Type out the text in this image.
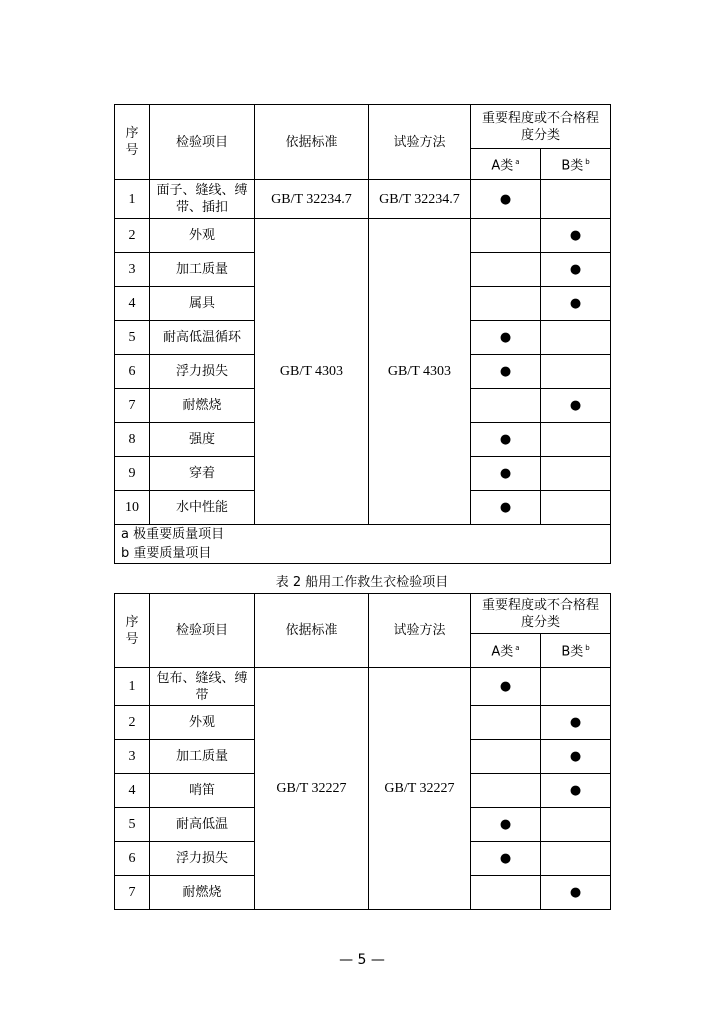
序号	检验项目	依据标准	试验方法	重要程度或不合格程度分类	
				A类 $^a$	B类 $^b$
1	面子、缝线、缚带、插扣	GB/T 32234.7	GB/T 32234.7	●	
2	外观	GB/T 4303	GB/T 4303		●
3	加工质量				●
4	属具				●
5	耐高低温循环			●	
6	浮力损失			●	
7	耐燃烧				●
8	强度			●	
9	穿着			●	
10	水中性能			●	

a 极重要质量项目
b 重要质量项目					
表 2 船用工作救生衣检验项目
序号	检验项目	依据标准	试验方法	重要程度或不合格程度分类	
				A类 $^a$	B类 $^b$
1	包布、缝线、缚带	GB/T 32227	GB/T 32227	●	
2	外观				●
3	加工质量				●
4	哨笛				●
5	耐高低温			●	
6	浮力损失			●	
7	耐燃烧				●
— 5 —
